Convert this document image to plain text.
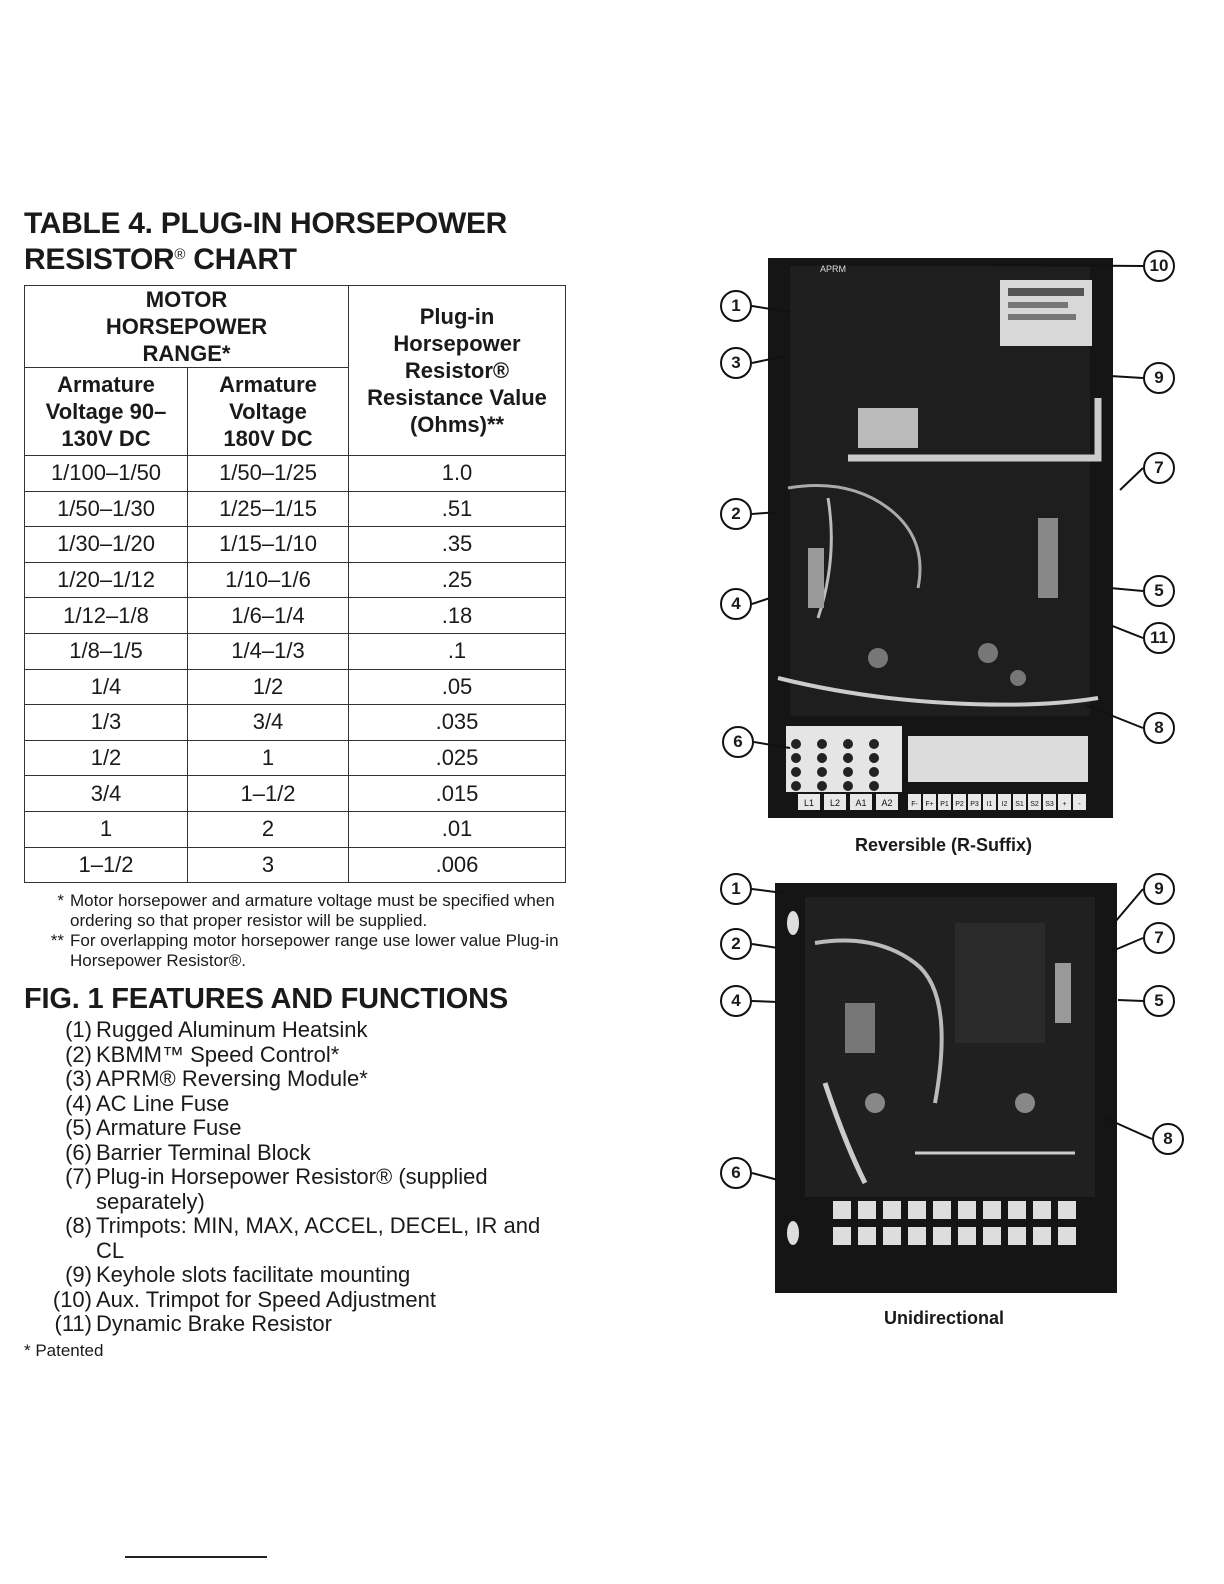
TABLE 4. PLUG-IN HORSEPOWER
RESISTOR® CHART
MOTOR HORSEPOWER RANGE*		Plug-in Horsepower Resistor® Resistance Value (Ohms)**
Armature Voltage 90–130V DC	Armature Voltage 180V DC	
1/100–1/50	1/50–1/25	1.0
1/50–1/30	1/25–1/15	.51
1/30–1/20	1/15–1/10	.35
1/20–1/12	1/10–1/6	.25
1/12–1/8	1/6–1/4	.18
1/8–1/5	1/4–1/3	.1
1/4	1/2	.05
1/3	3/4	.035
1/2	1	.025
3/4	1–1/2	.015
1	2	.01
1–1/2	3	.006
* Motor horsepower and armature voltage must be specified when ordering so that proper resistor will be supplied.
** For overlapping motor horsepower range use lower value Plug-in Horsepower Resistor®.
FIG. 1 FEATURES AND FUNCTIONS
(1) Rugged Aluminum Heatsink
(2) KBMM™ Speed Control*
(3) APRM® Reversing Module*
(4) AC Line Fuse
(5) Armature Fuse
(6) Barrier Terminal Block
(7) Plug-in Horsepower Resistor® (supplied separately)
(8) Trimpots: MIN, MAX, ACCEL, DECEL, IR and CL
(9) Keyhole slots facilitate mounting
(10) Aux. Trimpot for Speed Adjustment
(11) Dynamic Brake Resistor
* Patented
APRM
L1 L2 A1 A2	F- F+ P1 P2 P3 I1 I2 S1 S2 S3 + -
Reversible (R-Suffix)
Unidirectional
10
1
3
9
7
2
5
4
11
8
6
1	9
2	7
4	5
8
6
